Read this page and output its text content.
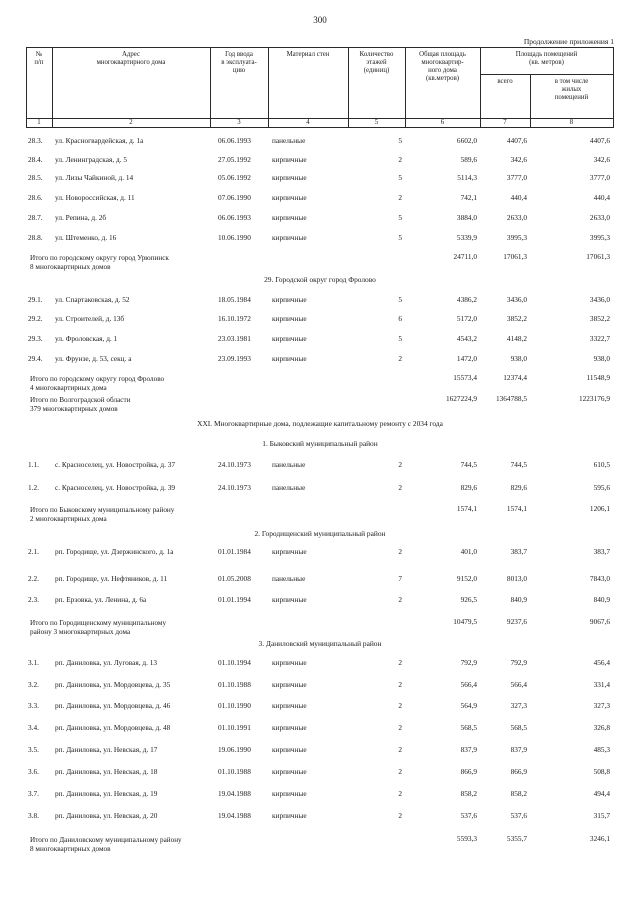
300
Продолжение приложения 1
№
п/п
Адрес
многоквартирного дома
Год ввода
в эксплуата-
цию
Материал стен	Количество
этажей
(единиц)
Общая площадь
многоквартир-
ного дома
(кв.метров)
Площадь помещений
(кв. метров)
всего	в том числе
жилых
помещений
1	2	3	4	5	6	7	8
28.3.	ул. Красногвардейская, д. 1а	06.06.1993	панельные	5	6602,0	4407,6	4407,6
28.4.	ул. Ленинградская, д. 5	27.05.1992	кирпичные	2	589,6	342,6	342,6
28.5.	ул. Лизы Чайкиной, д. 14	05.06.1992	кирпичные	5	5114,3	3777,0	3777,0
28.6.	ул. Новороссийская, д. 11	07.06.1990	кирпичные	2	742,1	440,4	440,4
28.7.	ул. Репина, д. 2б	06.06.1993	кирпичные	5	3884,0	2633,0	2633,0
28.8.	ул. Штеменко, д. 16	10.06.1990	кирпичные	5	5339,9	3995,3	3995,3
Итого по городскому округу город Урюпинск
8 многоквартирных домов
24711,0	17061,3	17061,3
29. Городской округ город Фролово
29.1.	ул. Спартаковская, д. 52	18.05.1984	кирпичные	5	4386,2	3436,0	3436,0
29.2.	ул. Строителей, д. 13б	16.10.1972	кирпичные	6	5172,0	3852,2	3852,2
29.3.	ул. Фроловская, д. 1	23.03.1981	кирпичные	5	4543,2	4148,2	3322,7
29.4.	ул. Фрунзе, д. 53, секц. а	23.09.1993	кирпичные	2	1472,0	938,0	938,0
Итого по городскому округу город Фролово
4 многоквартирных дома
15573,4	12374,4	11548,9
Итого по Волгоградской области
379 многоквартирных домов
1627224,9	1364788,5	1223176,9
XXI. Многоквартирные дома, подлежащие капитальному ремонту с 2034 года
1. Быковский муниципальный район
1.1.	с. Красноселец, ул. Новостройка, д. 37	24.10.1973	панельные	2	744,5	744,5	610,5
1.2.	с. Красноселец, ул. Новостройка, д. 39	24.10.1973	панельные	2	829,6	829,6	595,6
Итого по Быковскому муниципальному району
2 многоквартирных дома
1574,1	1574,1	1206,1
2. Городищенский муниципальный район
2.1.	рп. Городище, ул. Дзержинского, д. 1а	01.01.1984	кирпичные	2	401,0	383,7	383,7
2.2.	рп. Городище, ул. Нефтяников, д. 11	01.05.2008	панельные	7	9152,0	8013,0	7843,0
2.3.	рп. Ерзовка, ул. Ленина, д. 6а	01.01.1994	кирпичные	2	926,5	840,9	840,9
Итого по Городищенскому муниципальному
району 3 многоквартирных дома
10479,5	9237,6	9067,6
3. Даниловский муниципальный район
3.1.	рп. Даниловка, ул. Луговая, д. 13	01.10.1994	кирпичные	2	792,9	792,9	456,4
3.2.	рп. Даниловка, ул. Мордовцева, д. 35	01.10.1988	кирпичные	2	566,4	566,4	331,4
3.3.	рп. Даниловка, ул. Мордовцева, д. 46	01.10.1990	кирпичные	2	564,9	327,3	327,3
3.4.	рп. Даниловка, ул. Мордовцева, д. 48	01.10.1991	кирпичные	2	568,5	568,5	326,8
3.5.	рп. Даниловка, ул. Невская, д. 17	19.06.1990	кирпичные	2	837,9	837,9	485,3
3.6.	рп. Даниловка, ул. Невская, д. 18	01.10.1988	кирпичные	2	866,9	866,9	508,8
3.7.	рп. Даниловка, ул. Невская, д. 19	19.04.1988	кирпичные	2	858,2	858,2	494,4
3.8.	рп. Даниловка, ул. Невская, д. 20	19.04.1988	кирпичные	2	537,6	537,6	315,7
Итого по Даниловскому муниципальному району
8 многоквартирных домов
5593,3	5355,7	3246,1
